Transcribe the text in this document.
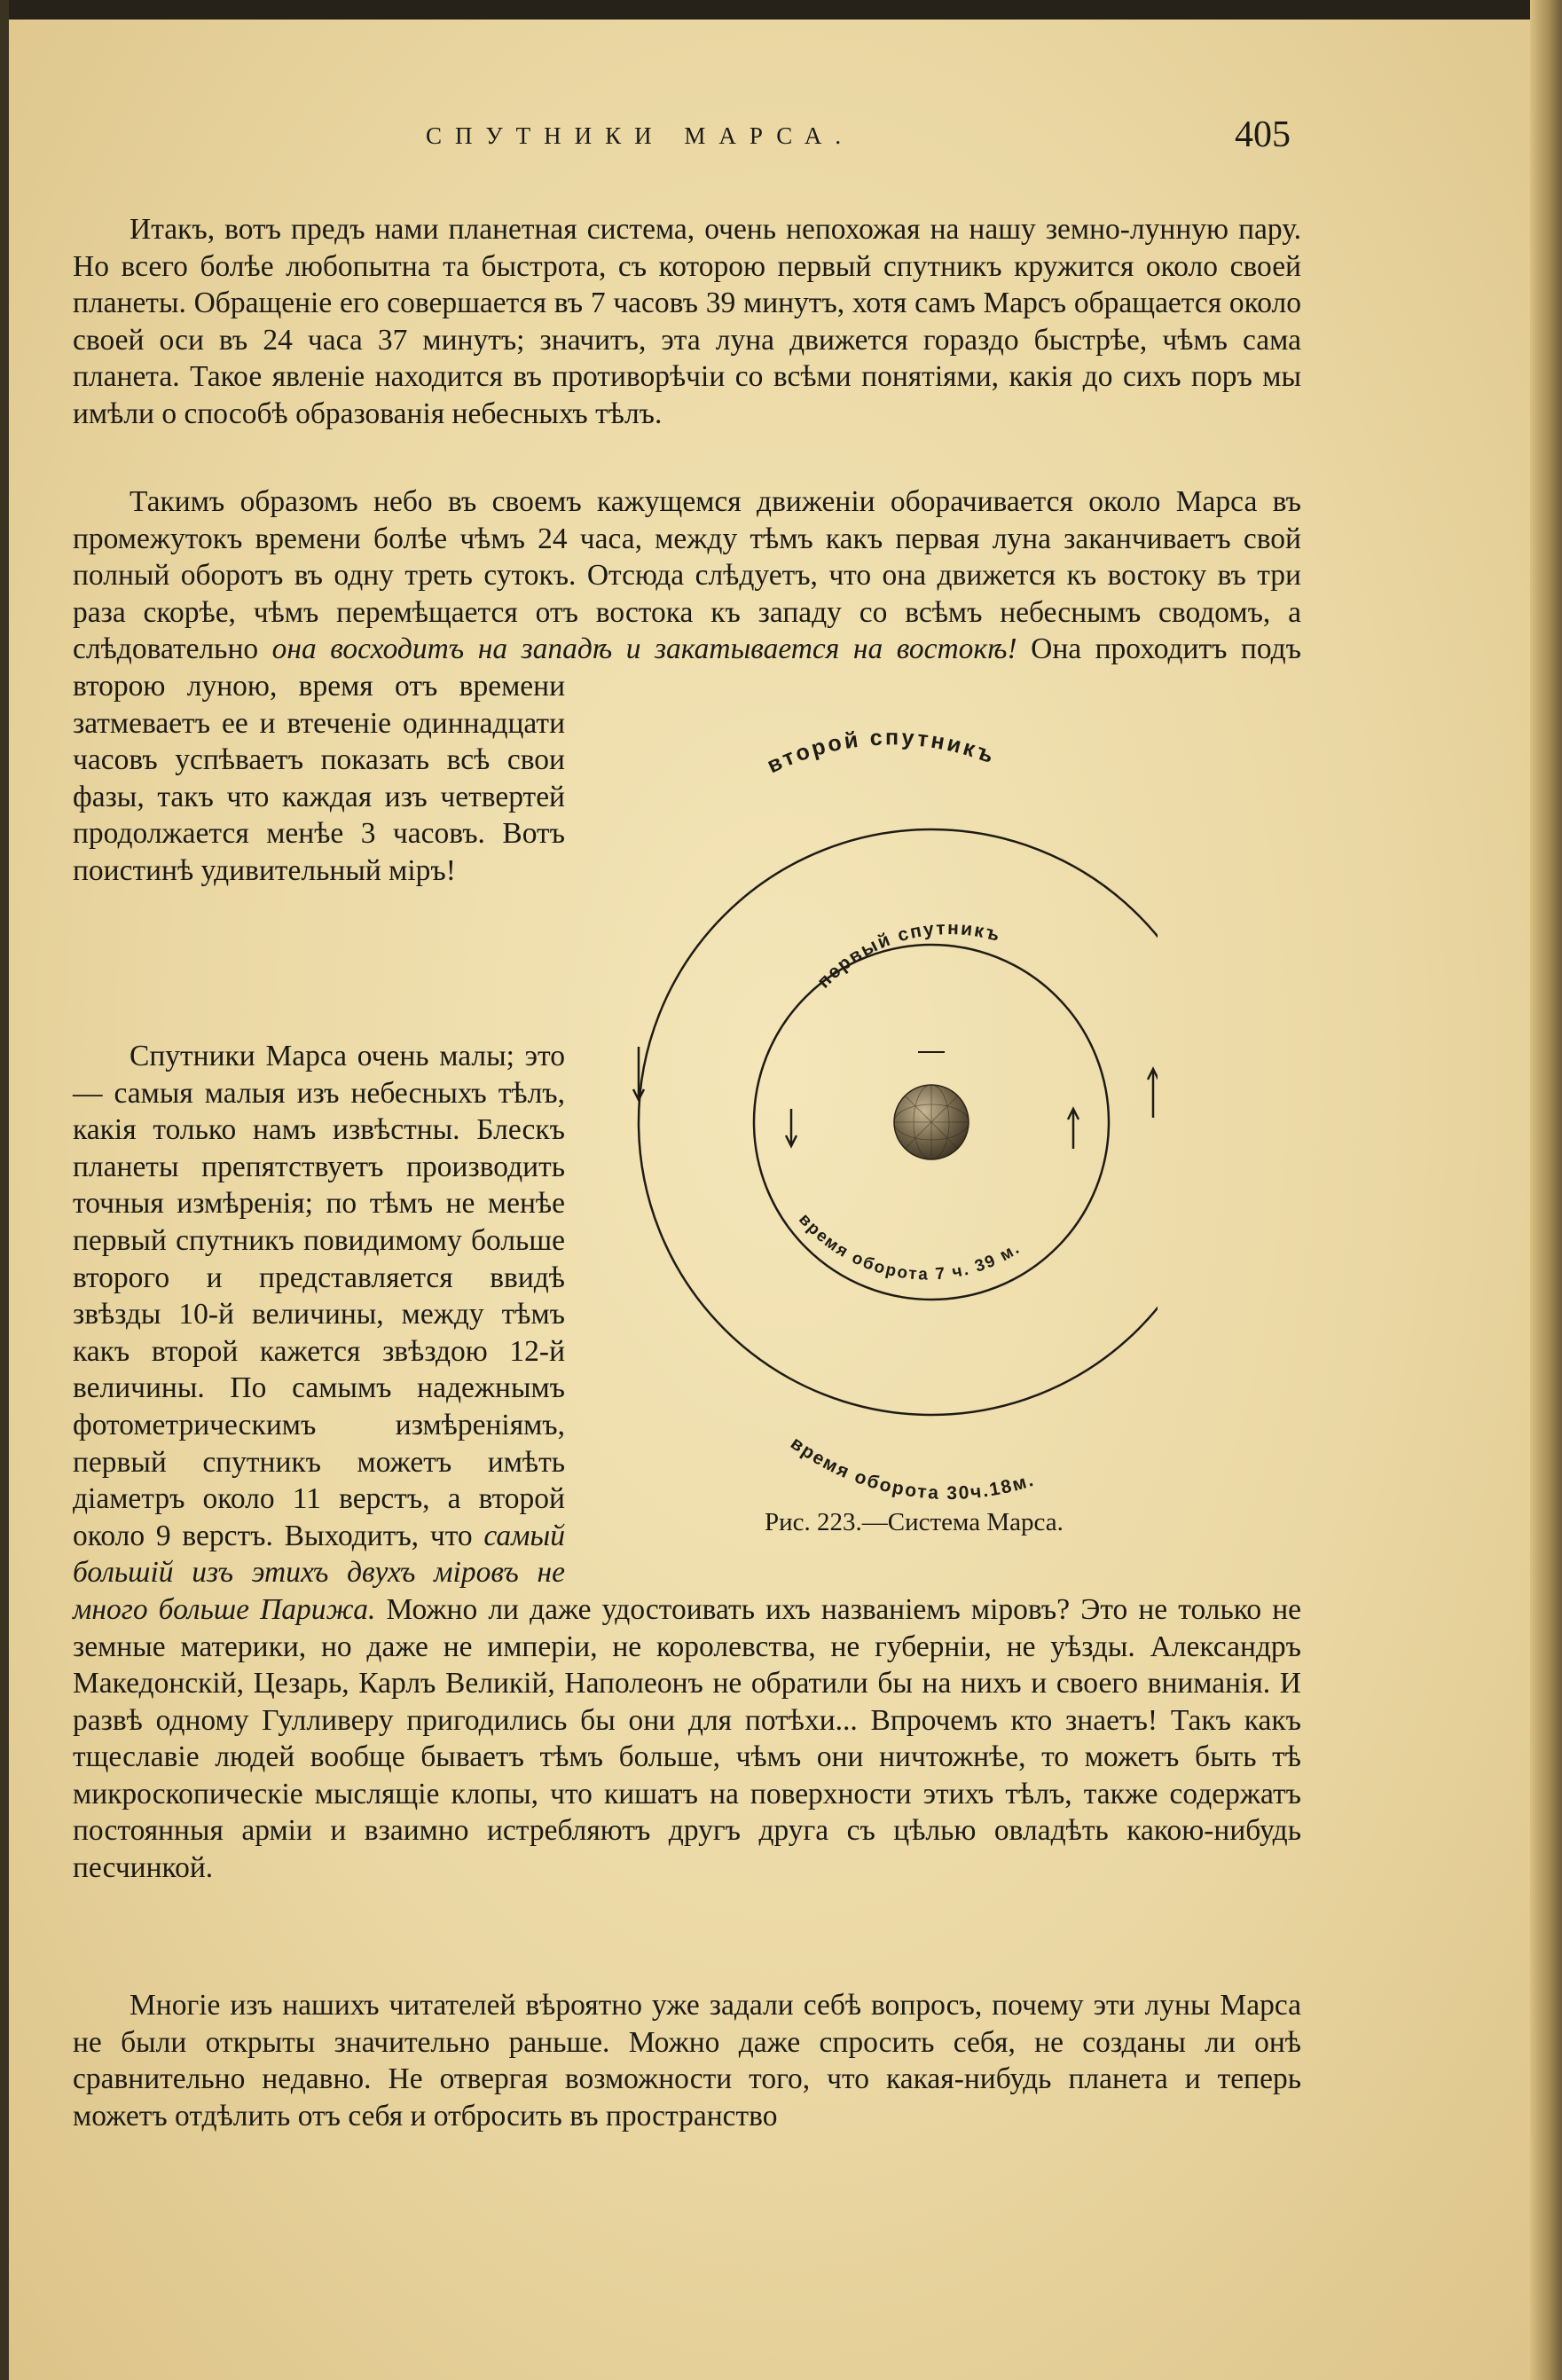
СПУТНИКИ МАРСА.	405

Итакъ, вотъ предъ нами планетная система, очень непохожая на нашу земно-лунную пару. Но всего болѣе любопытна та быстрота, съ которою первый спутникъ кружится около своей планеты. Обращеніе его совершается въ 7 часовъ 39 минутъ, хотя самъ Марсъ обращается около своей оси въ 24 часа 37 минутъ; значитъ, эта луна движется гораздо быстрѣе, чѣмъ сама планета. Такое явленіе находится въ противорѣчіи со всѣми понятіями, какія до сихъ поръ мы имѣли о способѣ образованія небесныхъ тѣлъ.

Такимъ образомъ небо въ своемъ кажущемся движеніи оборачивается около Марса въ промежутокъ времени болѣе чѣмъ 24 часа, между тѣмъ какъ первая луна заканчиваетъ свой полный оборотъ въ одну треть сутокъ. Отсюда слѣдуетъ, что она движется къ востоку въ три раза скорѣе, чѣмъ перемѣщается отъ востока къ западу со всѣмъ небеснымъ сводомъ, а слѣдовательно она восходитъ на западѣ и закатывается на востокѣ! Она проходитъ подъ второю луною, время отъ времени затмеваетъ ее и втеченіе одиннадцати часовъ успѣваетъ показать всѣ свои фазы, такъ что каждая изъ четвертей продолжается менѣе 3 часовъ. Вотъ поистинѣ удивительный міръ!

Спутники Марса очень малы; это — самыя малыя изъ небесныхъ тѣлъ, какія только намъ извѣстны. Блескъ планеты препятствуетъ производить точныя измѣренія; по тѣмъ не менѣе первый спутникъ повидимому больше второго и представляется ввидѣ звѣзды 10-й величины, между тѣмъ какъ второй кажется звѣздою 12-й величины. По самымъ надежнымъ фотометрическимъ измѣреніямъ, первый спутникъ можетъ имѣть діаметръ около 11 верстъ, а второй около 9 верстъ. Выходитъ, что самый большій изъ этихъ двухъ міровъ не много больше Парижа. Можно ли даже удостоивать ихъ названіемъ міровъ? Это не только не земные материки, но даже не имперіи, не королевства, не губерніи, не уѣзды. Александръ Македонскій, Цезарь, Карлъ Великій, Наполеонъ не обратили бы на нихъ и своего вниманія. И развѣ одному Гулливеру пригодились бы они для потѣхи... Впрочемъ кто знаетъ! Такъ какъ тщеславіе людей вообще бываетъ тѣмъ больше, чѣмъ они ничтожнѣе, то можетъ быть тѣ микроскопическіе мыслящіе клопы, что кишатъ на поверхности этихъ тѣлъ, также содержатъ постоянныя арміи и взаимно истребляютъ другъ друга съ цѣлью овладѣть какою-нибудь песчинкой.

Многіе изъ нашихъ читателей вѣроятно уже задали себѣ вопросъ, почему эти луны Марса не были открыты значительно раньше. Можно даже спросить себя, не созданы ли онѣ сравнительно недавно. Не отвергая возможности того, что какая-нибудь планета и теперь можетъ отдѣлить отъ себя и отбросить въ пространство

второй спутникъ
первый спутникъ
время оборота 7 ч. 39 м.
время оборота 30ч.18м.
Рис. 223.—Система Марса.
